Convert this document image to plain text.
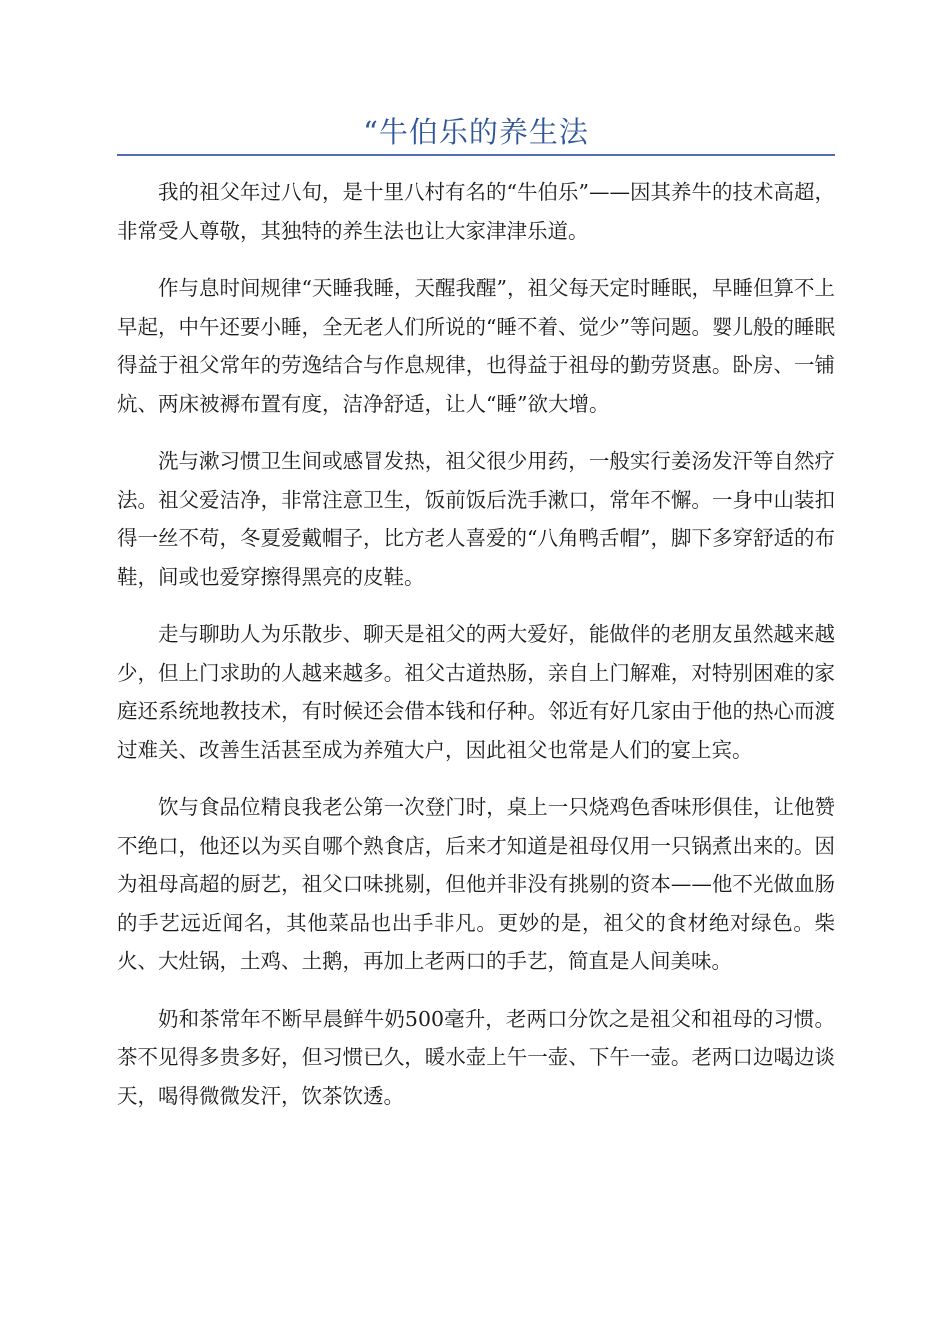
“牛伯乐的养生法

我的祖父年过八旬，是十里八村有名的“牛伯乐”——因其养牛的技术高超，非常受人尊敬，其独特的养生法也让大家津津乐道。

作与息时间规律“天睡我睡，天醒我醒”，祖父每天定时睡眠，早睡但算不上早起，中午还要小睡，全无老人们所说的“睡不着、觉少”等问题。婴儿般的睡眠得益于祖父常年的劳逸结合与作息规律，也得益于祖母的勤劳贤惠。卧房、一铺炕、两床被褥布置有度，洁净舒适，让人“睡”欲大增。

洗与漱习惯卫生间或感冒发热，祖父很少用药，一般实行姜汤发汗等自然疗法。祖父爱洁净，非常注意卫生，饭前饭后洗手漱口，常年不懈。一身中山装扣得一丝不苟，冬夏爱戴帽子，比方老人喜爱的“八角鸭舌帽”，脚下多穿舒适的布鞋，间或也爱穿擦得黑亮的皮鞋。

走与聊助人为乐散步、聊天是祖父的两大爱好，能做伴的老朋友虽然越来越少，但上门求助的人越来越多。祖父古道热肠，亲自上门解难，对特别困难的家庭还系统地教技术，有时候还会借本钱和仔种。邻近有好几家由于他的热心而渡过难关、改善生活甚至成为养殖大户，因此祖父也常是人们的宴上宾。

饮与食品位精良我老公第一次登门时，桌上一只烧鸡色香味形俱佳，让他赞不绝口，他还以为买自哪个熟食店，后来才知道是祖母仅用一只锅煮出来的。因为祖母高超的厨艺，祖父口味挑剔，但他并非没有挑剔的资本——他不光做血肠的手艺远近闻名，其他菜品也出手非凡。更妙的是，祖父的食材绝对绿色。柴火、大灶锅，土鸡、土鹅，再加上老两口的手艺，简直是人间美味。

奶和茶常年不断早晨鲜牛奶500毫升，老两口分饮之是祖父和祖母的习惯。茶不见得多贵多好，但习惯已久，暖水壶上午一壶、下午一壶。老两口边喝边谈天，喝得微微发汗，饮茶饮透。
